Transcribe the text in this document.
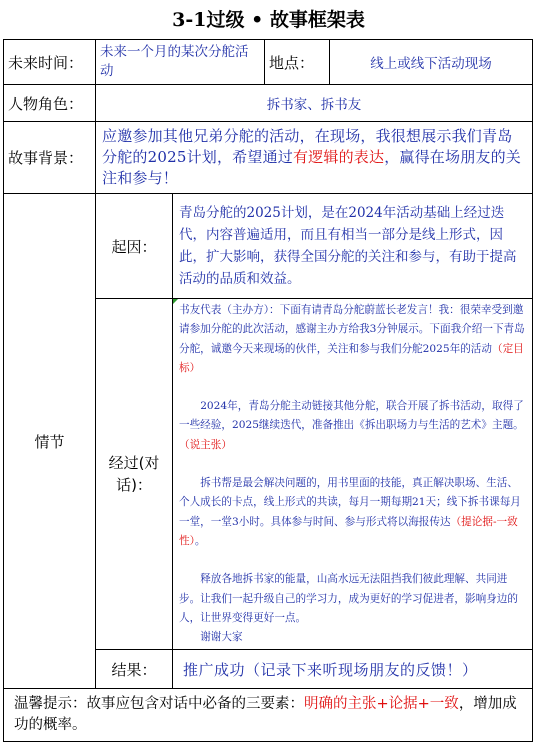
3-1过级 • 故事框架表
未来时间：	未来一个月的某次分舵活动		地点：	线上或线下活动现场
人物角色：	拆书家、拆书友			
故事背景：	应邀参加其他兄弟分舵的活动，在现场，我很想展示我们青岛分舵的2025计划，希望通过有逻辑的表达，赢得在场朋友的关注和参与！			
情节	起因：	青岛分舵的2025计划，是在2024年活动基础上经过迭代，内容普遍适用，而且有相当一部分是线上形式，因此，扩大影响，获得全国分舵的关注和参与，有助于提高活动的品质和效益。		
	经过(对话)：	书友代表（主办方）：下面有请青岛分舵蔚蓝长老发言！我：很荣幸受到邀请参加分舵的此次活动，感谢主办方给我3分钟展示。下面我介绍一下青岛分舵，诚邀今天来现场的伙伴，关注和参与我们分舵2025年的活动（定目标）

2024年，青岛分舵主动链接其他分舵，联合开展了拆书活动，取得了一些经验，2025继续迭代，准备推出《拆出职场力与生活的艺术》主题。（说主张）

拆书帮是最会解决问题的，用书里面的技能，真正解决职场、生活、个人成长的卡点，线上形式的共读，每月一期每期21天；线下拆书课每月一堂，一堂3小时。具体参与时间、参与形式将以海报传达（提论据-一致性）。

释放各地拆书家的能量，山高水远无法阻挡我们彼此理解、共同进步。让我们一起升级自己的学习力，成为更好的学习促进者，影响身边的人，让世界变得更好一点。

谢谢大家		

	结果：	推广成功（记录下来听现场朋友的反馈！）		
温馨提示：故事应包含对话中必备的三要素：明确的主张+论据+一致，增加成功的概率。				
